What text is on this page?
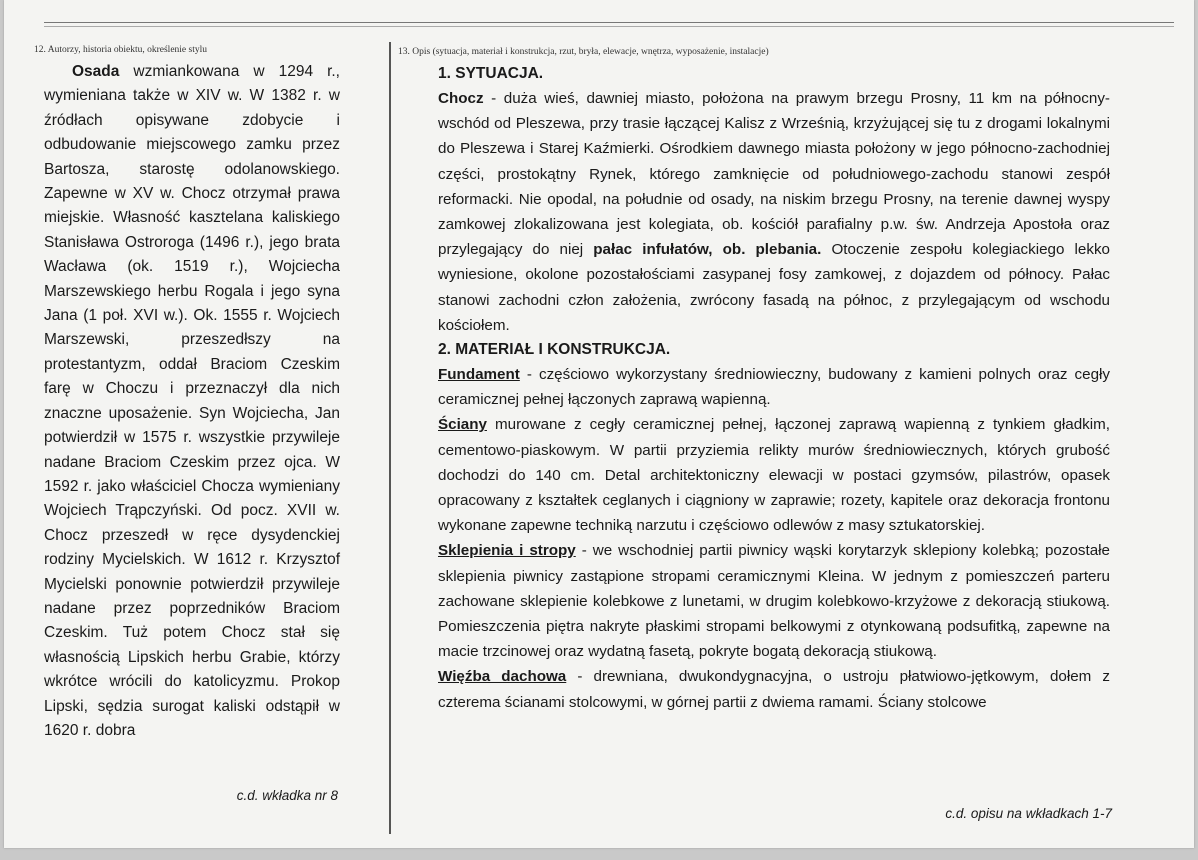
12. Autorzy, historia obiektu, określenie stylu	13. Opis (sytuacja, materiał i konstrukcja, rzut, bryła, elewacje, wnętrza, wyposażenie, instalacje)

Osada wzmiankowana w 1294 r., wymieniana także w XIV w. W 1382 r. w źródłach opisywane zdobycie i odbudowanie miejscowego zamku przez Bartosza, starostę odolanowskiego. Zapewne w XV w. Chocz otrzymał prawa miejskie. Własność kasztelana kaliskiego Stanisława Ostroroga (1496 r.), jego brata Wacława (ok. 1519 r.), Wojciecha Marszewskiego herbu Rogala i jego syna Jana (1 poł. XVI w.). Ok. 1555 r. Wojciech Marszewski, przeszedłszy na protestantyzm, oddał Braciom Czeskim farę w Choczu i przeznaczył dla nich znaczne uposażenie. Syn Wojciecha, Jan potwierdził w 1575 r. wszystkie przywileje nadane Braciom Czeskim przez ojca. W 1592 r. jako właściciel Chocza wymieniany Wojciech Trąpczyński. Od pocz. XVII w. Chocz przeszedł w ręce dysydenckiej rodziny Mycielskich. W 1612 r. Krzysztof Mycielski ponownie potwierdził przywileje nadane przez poprzedników Braciom Czeskim. Tuż potem Chocz stał się własnością Lipskich herbu Grabie, którzy wkrótce wrócili do katolicyzmu. Prokop Lipski, sędzia surogat kaliski odstąpił w 1620 r. dobra

c.d. wkładka nr 8
1. SYTUACJA.

Chocz - duża wieś, dawniej miasto, położona na prawym brzegu Prosny, 11 km na północny-wschód od Pleszewa, przy trasie łączącej Kalisz z Wrześnią, krzyżującej się tu z drogami lokalnymi do Pleszewa i Starej Kaźmierki. Ośrodkiem dawnego miasta położony w jego północno-zachodniej części, prostokątny Rynek, którego zamknięcie od południowego-zachodu stanowi zespół reformacki. Nie opodal, na południe od osady, na niskim brzegu Prosny, na terenie dawnej wyspy zamkowej zlokalizowana jest kolegiata, ob. kościół parafialny p.w. św. Andrzeja Apostoła oraz przylegający do niej pałac infułatów, ob. plebania. Otoczenie zespołu kolegiackiego lekko wyniesione, okolone pozostałościami zasypanej fosy zamkowej, z dojazdem od północy. Pałac stanowi zachodni człon założenia, zwrócony fasadą na północ, z przylegającym od wschodu kościołem.

2. MATERIAŁ I KONSTRUKCJA.

Fundament - częściowo wykorzystany średniowieczny, budowany z kamieni polnych oraz cegły ceramicznej pełnej łączonych zaprawą wapienną.

Ściany murowane z cegły ceramicznej pełnej, łączonej zaprawą wapienną z tynkiem gładkim, cementowo-piaskowym. W partii przyziemia relikty murów średniowiecznych, których grubość dochodzi do 140 cm. Detal architektoniczny elewacji w postaci gzymsów, pilastrów, opasek opracowany z kształtek ceglanych i ciągniony w zaprawie; rozety, kapitele oraz dekoracja frontonu wykonane zapewne techniką narzutu i częściowo odlewów z masy sztukatorskiej.

Sklepienia i stropy - we wschodniej partii piwnicy wąski korytarzyk sklepiony kolebką; pozostałe sklepienia piwnicy zastąpione stropami ceramicznymi Kleina. W jednym z pomieszczeń parteru zachowane sklepienie kolebkowe z lunetami, w drugim kolebkowo-krzyżowe z dekoracją stiukową. Pomieszczenia piętra nakryte płaskimi stropami belkowymi z otynkowaną podsufitką, zapewne na macie trzcinowej oraz wydatną fasetą, pokryte bogatą dekoracją stiukową.

Więźba dachowa - drewniana, dwukondygnacyjna, o ustroju płatwiowo-jętkowym, dołem z czterema ścianami stolcowymi, w górnej partii z dwiema ramami. Ściany stolcowe

c.d. opisu na wkładkach 1-7
